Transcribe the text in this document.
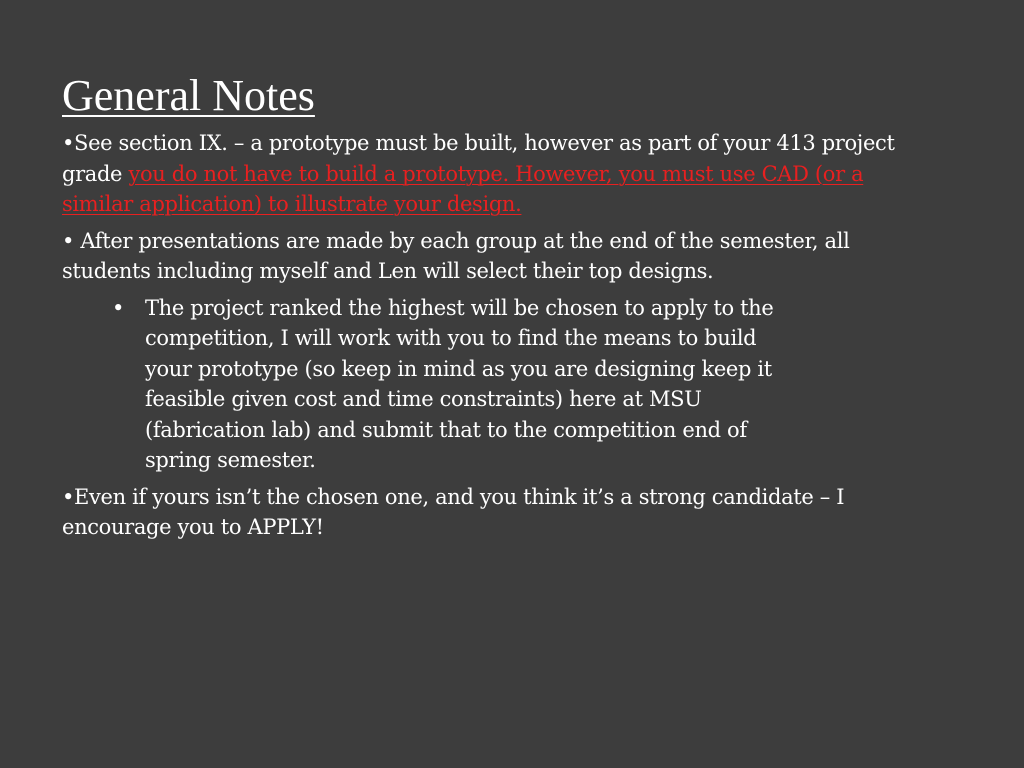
General Notes

•See section IX. – a prototype must be built, however as part of your 413 project grade you do not have to build a prototype. However, you must use CAD (or a similar application) to illustrate your design.

• After presentations are made by each group at the end of the semester, all students including myself and Len will select their top designs.

• The project ranked the highest will be chosen to apply to the competition, I will work with you to find the means to build your prototype (so keep in mind as you are designing keep it feasible given cost and time constraints) here at MSU (fabrication lab) and submit that to the competition end of spring semester.

•Even if yours isn’t the chosen one, and you think it’s a strong candidate – I encourage you to APPLY!
